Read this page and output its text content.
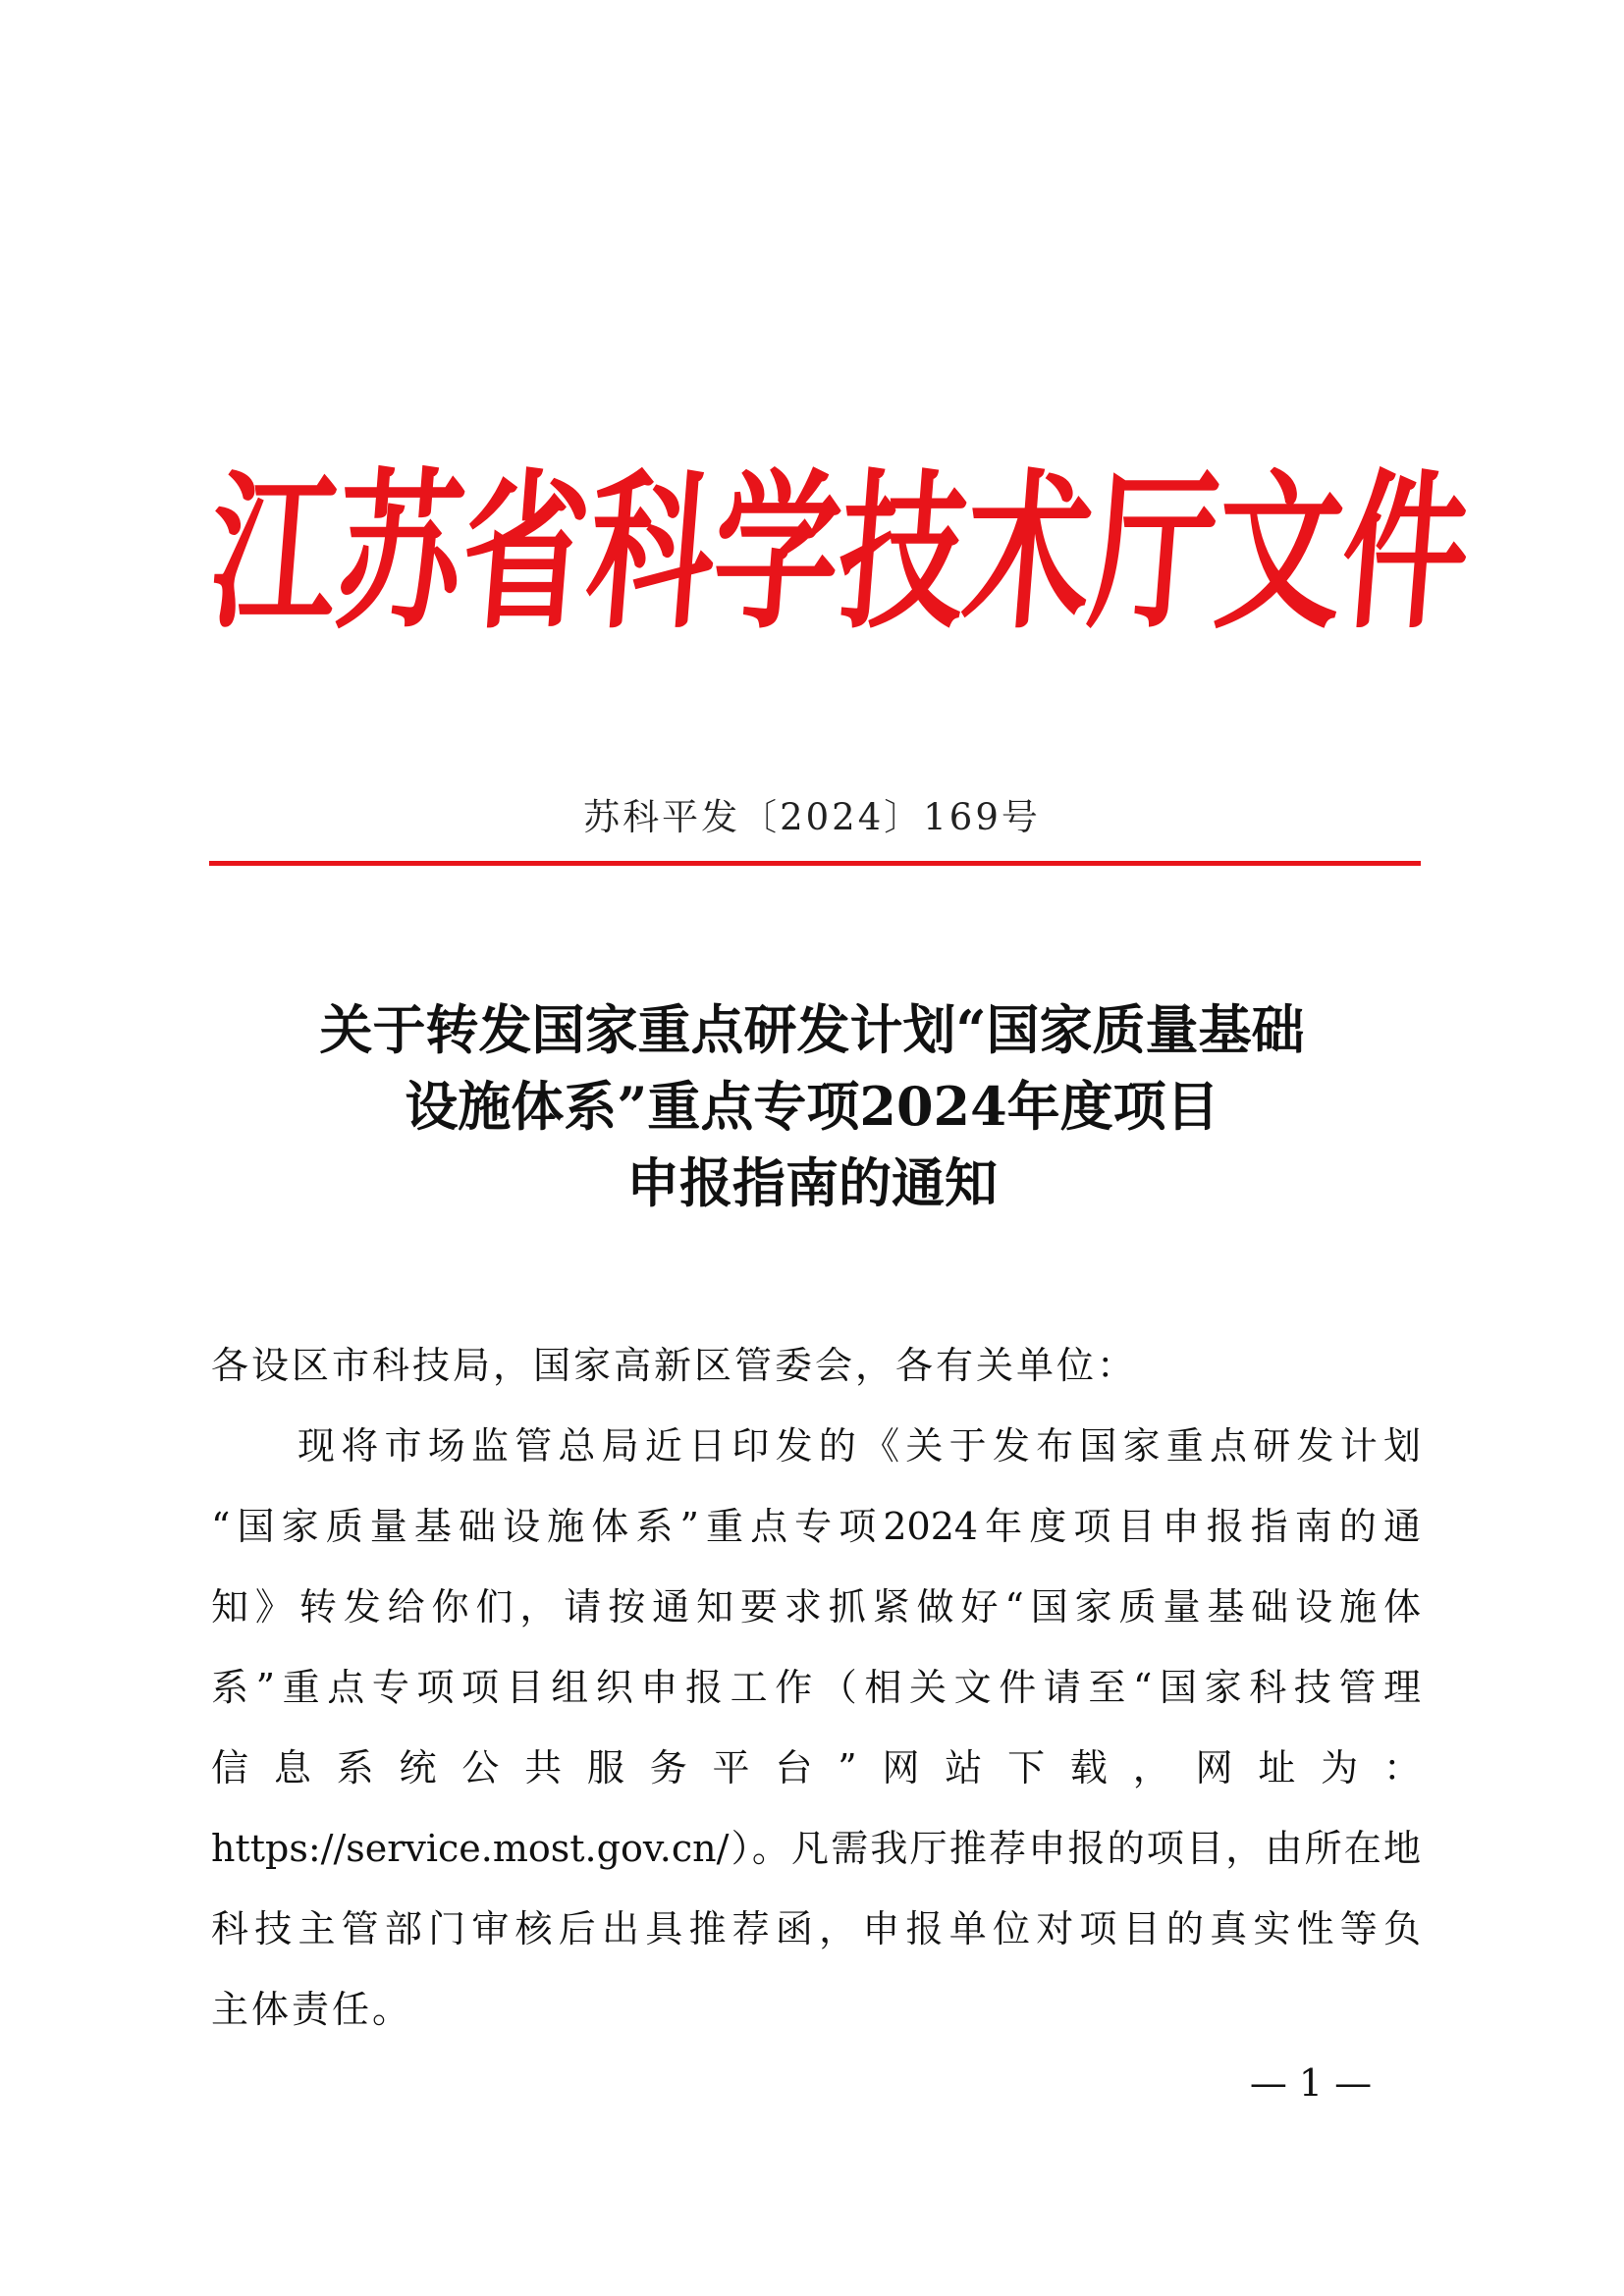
江
苏
省
科
学
技
术
厅
文
件
苏科平发〔2024〕169号
关于转发国家重点研发计划“国家质量基础
设施体系”重点专项2024年度项目
申报指南的通知

各设区市科技局，国家高新区管委会，各有关单位：

现将市场监管总局近日印发的《关于发布国家重点研发计划
“国家质量基础设施体系”重点专项2024年度项目申报指南的通
知》转发给你们，请按通知要求抓紧做好“国家质量基础设施体
系”重点专项项目组织申报工作（相关文件请至“国家科技管理
信息系统公共服务平台”网站下载，网址为：
https://service.most.gov.cn/）。凡需我厅推荐申报的项目，由所在地
科技主管部门审核后出具推荐函，申报单位对项目的真实性等负
主体责任。

— 1 —
